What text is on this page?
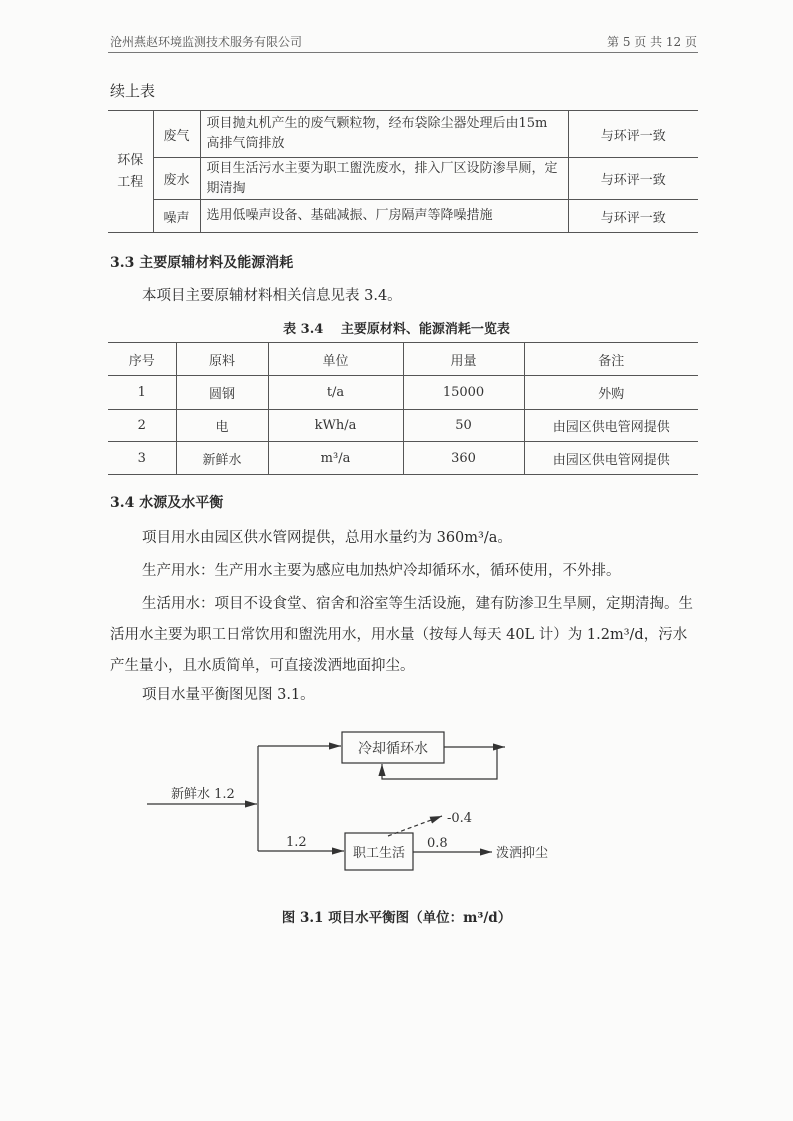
沧州燕赵环境监测技术服务有限公司	第 5 页 共 12 页
续上表
环保工程	废气	项目抛丸机产生的废气颗粒物，经布袋除尘器处理后由15m 高排气筒排放	与环评一致
	废水	项目生活污水主要为职工盥洗废水，排入厂区设防渗旱厕，定期清掏	与环评一致
	噪声	选用低噪声设备、基础减振、厂房隔声等降噪措施	与环评一致
3.3 主要原辅材料及能源消耗
本项目主要原辅材料相关信息见表 3.4。
表 3.4　 主要原材料、能源消耗一览表
序号	原料	单位	用量	备注
1	圆钢	t/a	15000	外购
2	电	kWh/a	50	由园区供电管网提供
3	新鲜水	m³/a	360	由园区供电管网提供
3.4 水源及水平衡
项目用水由园区供水管网提供，总用水量约为 360m³/a。
生产用水：生产用水主要为感应电加热炉冷却循环水，循环使用，不外排。
生活用水：项目不设食堂、宿舍和浴室等生活设施，建有防渗卫生旱厕，定期清掏。生活用水主要为职工日常饮用和盥洗用水，用水量（按每人每天 40L 计）为 1.2m³/d，污水产生量小，且水质简单，可直接泼洒地面抑尘。
项目水量平衡图见图 3.1。
新鲜水 1.2
冷却循环水
职工生活
1.2
-0.4
0.8
泼洒抑尘
图 3.1 项目水平衡图（单位：m³/d）
